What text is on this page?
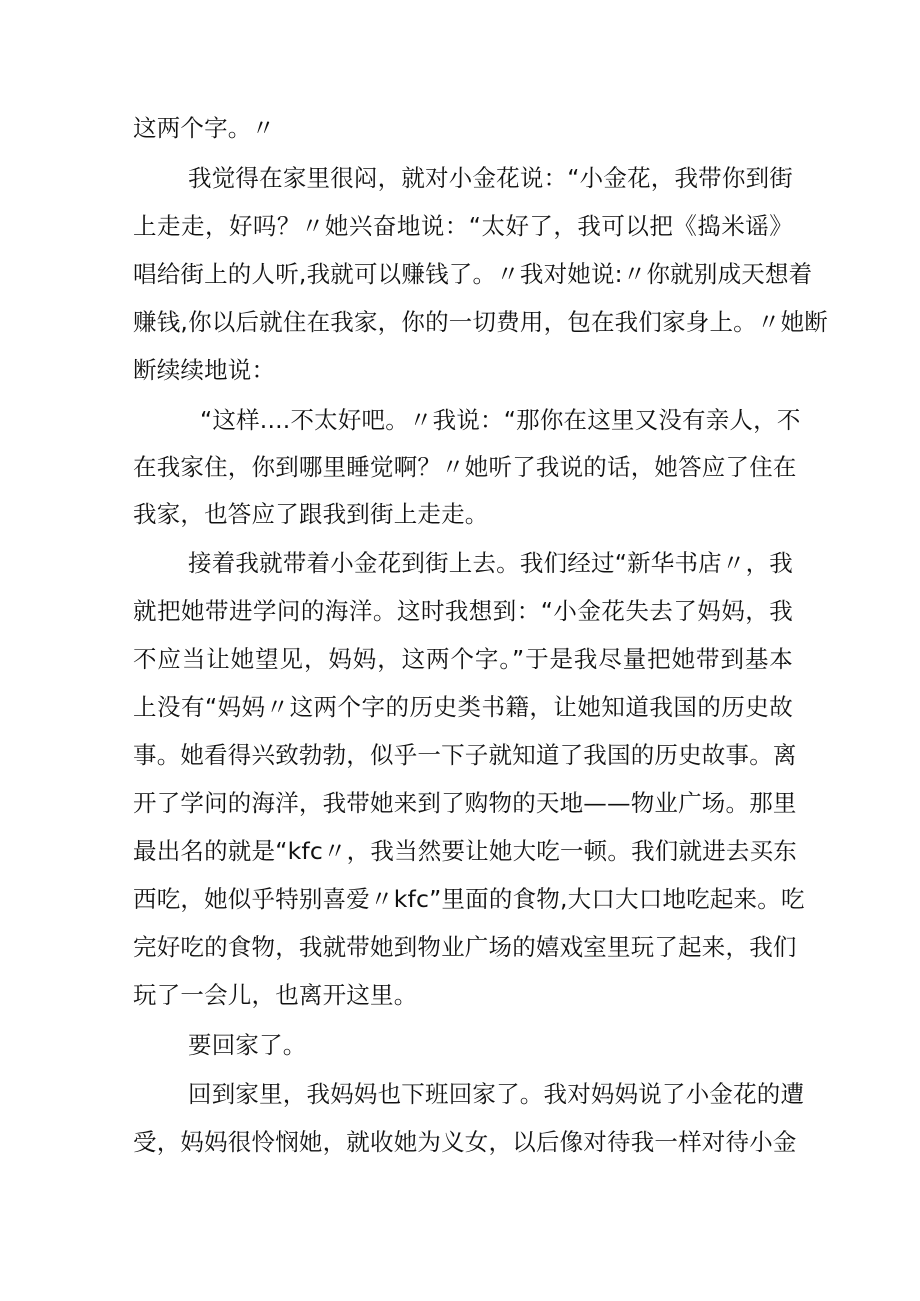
这两个字。〃

我觉得在家里很闷，就对小金花说：“小金花，我带你到街

上走走，好吗？〃她兴奋地说：“太好了，我可以把《捣米谣》

唱给街上的人听,我就可以赚钱了。〃我对她说:〃你就别成天想着

赚钱,你以后就住在我家，你的一切费用，包在我们家身上。〃她断

断续续地说：

“这样....不太好吧。〃我说：“那你在这里又没有亲人，不

在我家住，你到哪里睡觉啊？〃她听了我说的话，她答应了住在

我家，也答应了跟我到街上走走。

接着我就带着小金花到街上去。我们经过“新华书店〃，我

就把她带进学问的海洋。这时我想到：“小金花失去了妈妈，我

不应当让她望见，妈妈，这两个字。”于是我尽量把她带到基本

上没有“妈妈〃这两个字的历史类书籍，让她知道我国的历史故

事。她看得兴致勃勃，似乎一下子就知道了我国的历史故事。离

开了学问的海洋，我带她来到了购物的天地——物业广场。那里

最出名的就是“kfc〃，我当然要让她大吃一顿。我们就进去买东

西吃，她似乎特别喜爱〃kfc”里面的食物,大口大口地吃起来。吃

完好吃的食物，我就带她到物业广场的嬉戏室里玩了起来，我们

玩了一会儿，也离开这里。

要回家了。

回到家里，我妈妈也下班回家了。我对妈妈说了小金花的遭

受，妈妈很怜悯她，就收她为义女，以后像对待我一样对待小金
